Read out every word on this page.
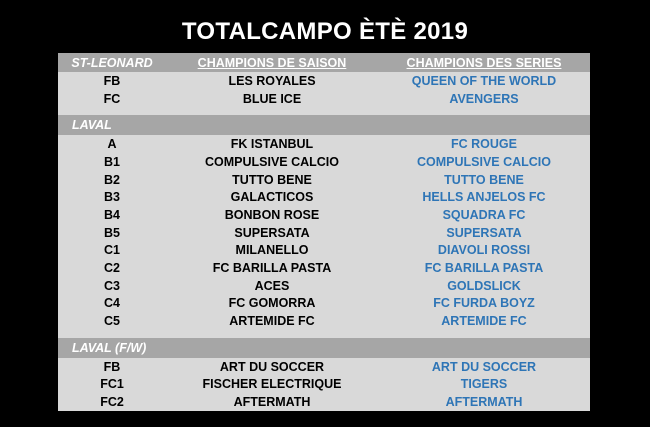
TOTALCAMPO ÈTÈ 2019
ST-LEONARD	CHAMPIONS DE SAISON	CHAMPIONS DES SERIES
FB	LES ROYALES	QUEEN OF THE WORLD
FC	BLUE ICE	AVENGERS
LAVAL
A	FK ISTANBUL	FC ROUGE
B1	COMPULSIVE CALCIO	COMPULSIVE CALCIO
B2	TUTTO BENE	TUTTO BENE
B3	GALACTICOS	HELLS ANJELOS FC
B4	BONBON ROSE	SQUADRA FC
B5	SUPERSATA	SUPERSATA
C1	MILANELLO	DIAVOLI ROSSI
C2	FC BARILLA PASTA	FC BARILLA PASTA
C3	ACES	GOLDSLICK
C4	FC GOMORRA	FC FURDA BOYZ
C5	ARTEMIDE FC	ARTEMIDE FC
LAVAL (F/W)
FB	ART DU SOCCER	ART DU SOCCER
FC1	FISCHER ELECTRIQUE	TIGERS
FC2	AFTERMATH	AFTERMATH
